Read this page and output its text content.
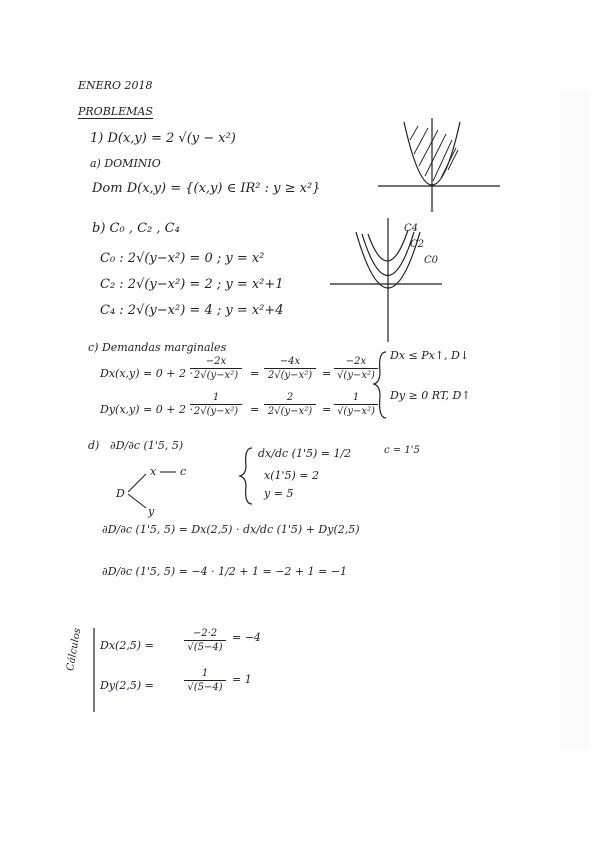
ENERO 2018
PROBLEMAS
1) D(x,y) = 2 √(y − x²)
a) DOMINIO
Dom D(x,y) = {(x,y) ∈ IR² : y ≥ x²}
b) C₀ , C₂ , C₄
C₀ : 2√(y−x²) = 0 ; y = x²
C₂ : 2√(y−x²) = 2 ; y = x²+1
C₄ : 2√(y−x²) = 4 ; y = x²+4
C4
C2
C0
c) Demandas marginales
Dx(x,y) = 0 + 2 ·
−2x
2√(y−x²)	=
−4x
2√(y−x²) =
−2x
√(y−x²)
Dy(x,y) = 0 + 2 ·
1
2√(y−x²)	=
2
2√(y−x²) =
1
√(y−x²)
Dx ≤ Px↑, D↓
Dy ≥ 0 RT, D↑
d) ∂D/∂c (1'5, 5)
D
x c
y
dx/dc (1'5) = 1/2
x(1'5) = 2
y = 5
c = 1'5
∂D/∂c (1'5, 5) = Dx(2,5) · dx/dc (1'5) + Dy(2,5)
∂D/∂c (1'5, 5) = −4 · 1/2 + 1 = −2 + 1 = −1
Cálculos Dx(2,5) =
−2·2
√(5−4)
= −4
Dy(2,5) =
1
√(5−4)
= 1
